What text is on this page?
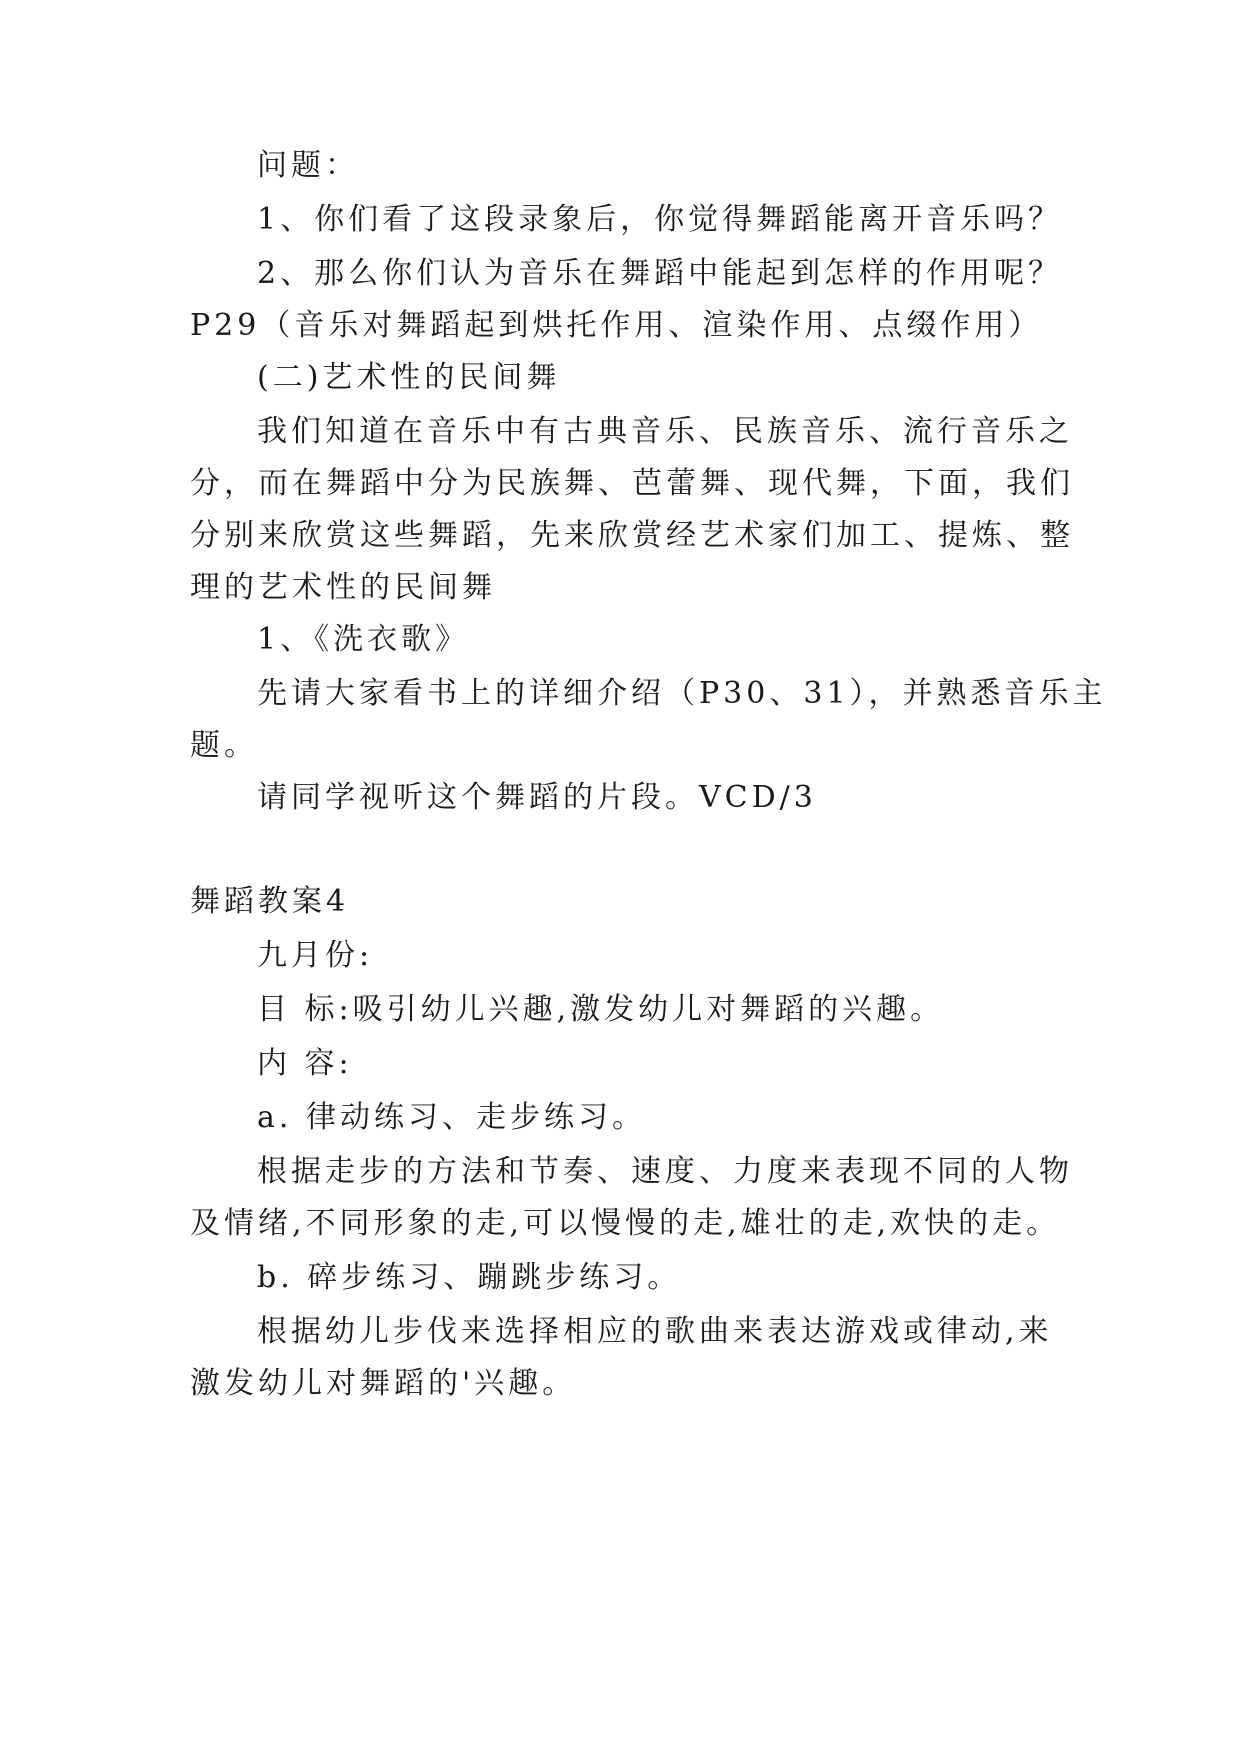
问题：
1、你们看了这段录象后，你觉得舞蹈能离开音乐吗？
2、那么你们认为音乐在舞蹈中能起到怎样的作用呢？
P29（音乐对舞蹈起到烘托作用、渲染作用、点缀作用）
(二)艺术性的民间舞
我们知道在音乐中有古典音乐、民族音乐、流行音乐之
分，而在舞蹈中分为民族舞、芭蕾舞、现代舞，下面，我们
分别来欣赏这些舞蹈，先来欣赏经艺术家们加工、提炼、整
理的艺术性的民间舞
1、《洗衣歌》
先请大家看书上的详细介绍（P30、31），并熟悉音乐主
题。
请同学视听这个舞蹈的片段。VCD/3
舞蹈教案4
九月份:
目 标:吸引幼儿兴趣,激发幼儿对舞蹈的兴趣。
内 容:
a. 律动练习、走步练习。
根据走步的方法和节奏、速度、力度来表现不同的人物
及情绪,不同形象的走,可以慢慢的走,雄壮的走,欢快的走。
b. 碎步练习、蹦跳步练习。
根据幼儿步伐来选择相应的歌曲来表达游戏或律动,来
激发幼儿对舞蹈的'兴趣。
